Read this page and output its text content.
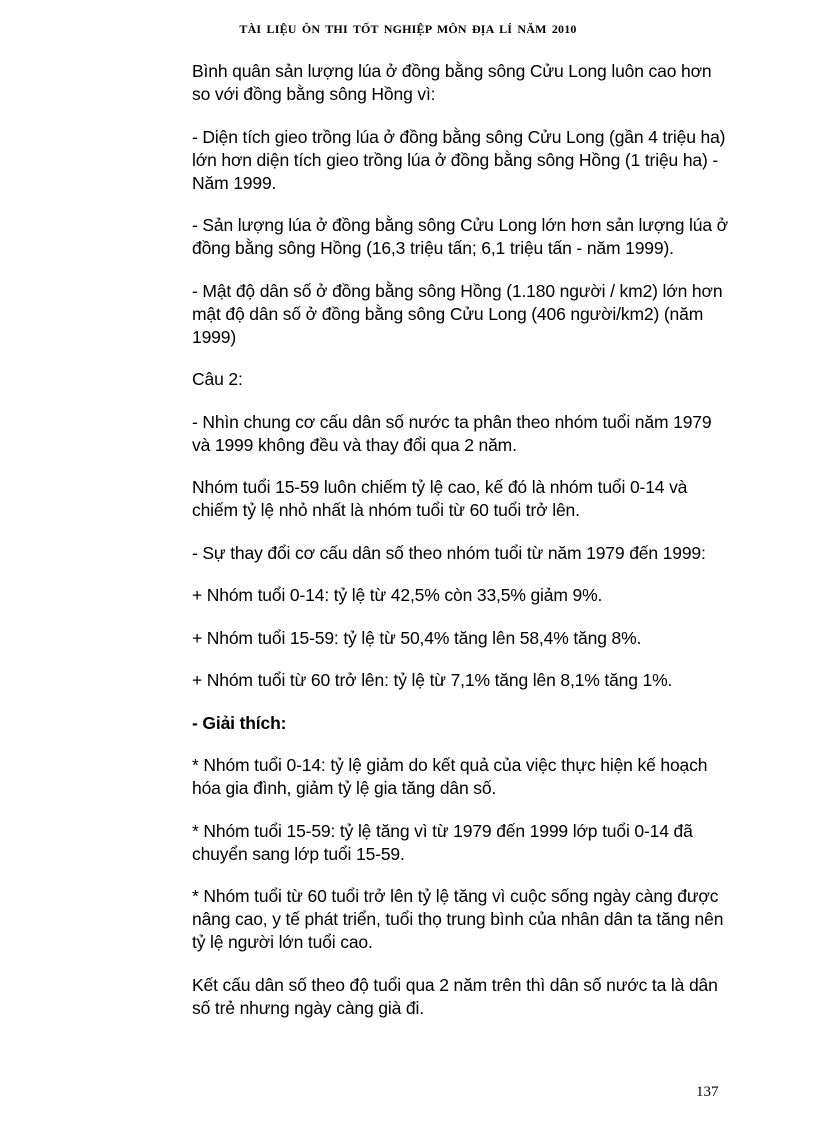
TÀI LIỆU ÔN THI TỐT NGHIỆP MÔN ĐỊA LÍ NĂM 2010

Bình quân sản lượng lúa ở đồng bằng sông Cửu Long luôn cao hơn so với đồng bằng sông Hồng vì:

- Diện tích gieo trồng lúa ở đồng bằng sông Cửu Long (gần 4 triệu ha) lớn hơn diện tích gieo trồng lúa ở đồng bằng sông Hồng (1 triệu ha) - Năm 1999.

- Sản lượng lúa ở đồng bằng sông Cửu Long lớn hơn sản lượng lúa ở đồng bằng sông Hồng (16,3 triệu tấn; 6,1 triệu tấn - năm 1999).

- Mật độ dân số ở đồng bằng sông Hồng (1.180 người / km2) lớn hơn mật độ dân số ở đồng bằng sông Cửu Long (406 người/km2) (năm 1999)

Câu 2:

- Nhìn chung cơ cấu dân số nước ta phân theo nhóm tuổi năm 1979 và 1999 không đều và thay đổi qua 2 năm.

Nhóm tuổi 15-59 luôn chiếm tỷ lệ cao, kế đó là nhóm tuổi 0-14 và chiếm tỷ lệ nhỏ nhất là nhóm tuổi từ 60 tuổi trở lên.

- Sự thay đổi cơ cấu dân số theo nhóm tuổi từ năm 1979 đến 1999:

+ Nhóm tuổi 0-14: tỷ lệ từ 42,5% còn 33,5% giảm 9%.

+ Nhóm tuổi 15-59: tỷ lệ từ 50,4% tăng lên 58,4% tăng 8%.

+ Nhóm tuổi từ 60 trở lên: tỷ lệ từ 7,1% tăng lên 8,1% tăng 1%.

- Giải thích:

* Nhóm tuổi 0-14: tỷ lệ giảm do kết quả của việc thực hiện kế hoạch hóa gia đình, giảm tỷ lệ gia tăng dân số.

* Nhóm tuổi 15-59: tỷ lệ tăng vì từ 1979 đến 1999 lớp tuổi 0-14 đã chuyển sang lớp tuổi 15-59.

* Nhóm tuổi từ 60 tuổi trở lên tỷ lệ tăng vì cuộc sống ngày càng được nâng cao, y tế phát triển, tuổi thọ trung bình của nhân dân ta tăng nên tỷ lệ người lớn tuổi cao.

Kết cấu dân số theo độ tuổi qua 2 năm trên thì dân số nước ta là dân số trẻ nhưng ngày càng già đi.

137
